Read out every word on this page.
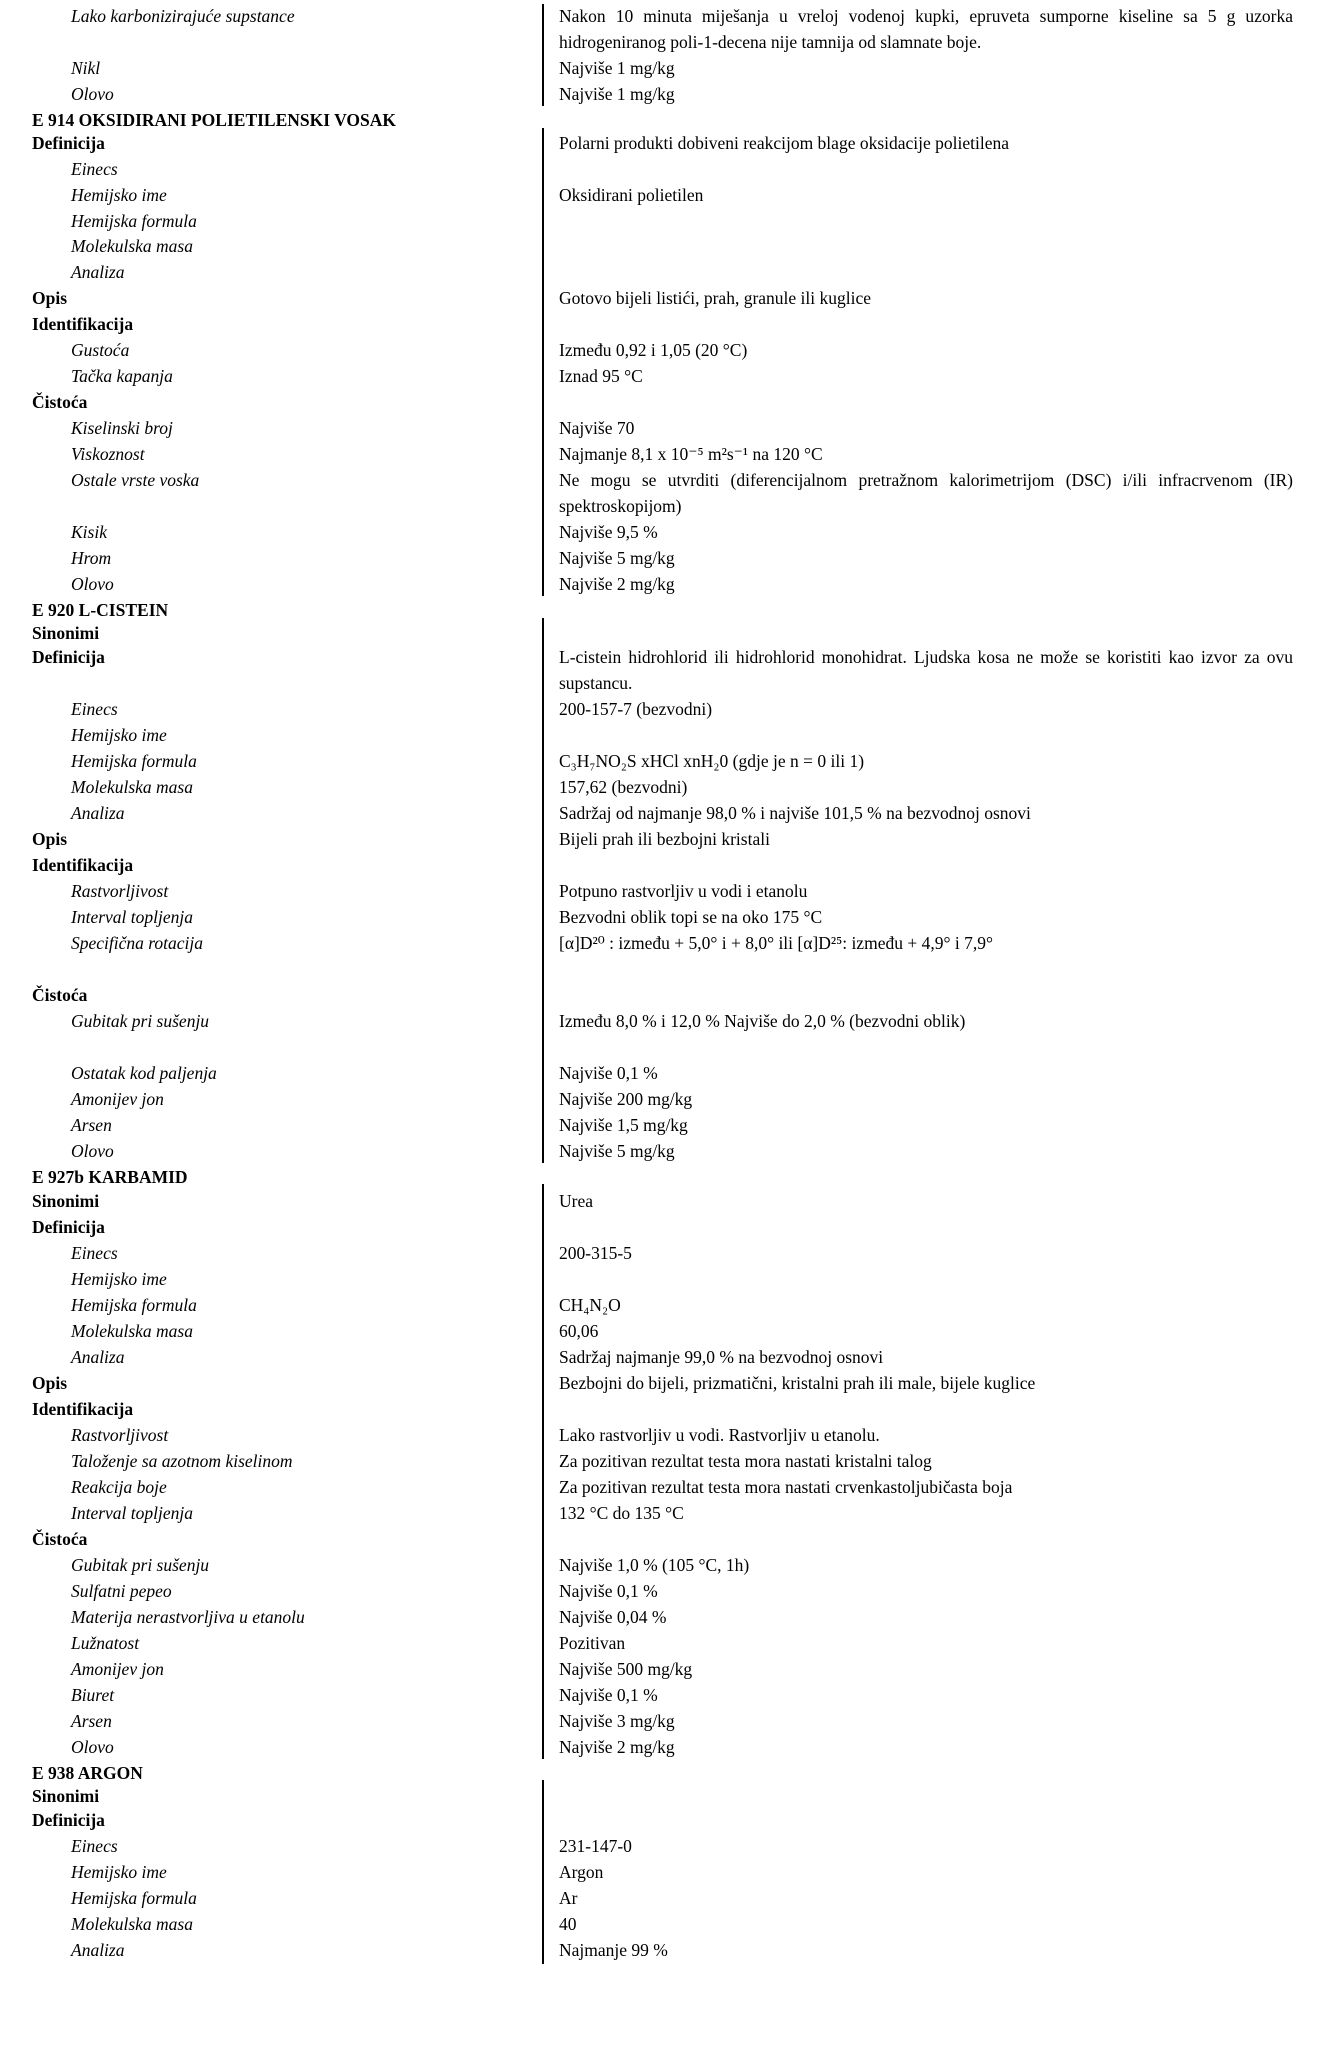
Lako karbonizirajuće supstance	Nakon 10 minuta miješanja u vreloj vodenoj kupki, epruveta sumporne kiseline sa 5 g uzorka hidrogeniranog poli-1-decena nije tamnija od slamnate boje.
Nikl	Najviše 1 mg/kg
Olovo	Najviše 1 mg/kg
E 914 OKSIDIRANI POLIETILENSKI VOSAK
Definicija	Polarni produkti dobiveni reakcijom blage oksidacije polietilena
Einecs
Hemijsko ime	Oksidirani polietilen
Hemijska formula
Molekulska masa
Analiza
Opis	Gotovo bijeli listići, prah, granule ili kuglice
Identifikacija
Gustoća	Između 0,92 i 1,05 (20 °C)
Tačka kapanja	Iznad 95 °C
Čistoća
Kiselinski broj	Najviše 70
Viskoznost	Najmanje 8,1 x 10⁻⁵ m²s⁻¹ na 120 °C
Ostale vrste voska	Ne mogu se utvrditi (diferencijalnom pretražnom kalorimetrijom (DSC) i/ili infracrvenom (IR) spektroskopijom)
Kisik	Najviše 9,5 %
Hrom	Najviše 5 mg/kg
Olovo	Najviše 2 mg/kg
E 920 L-CISTEIN
Sinonimi
Definicija	L-cistein hidrohlorid ili hidrohlorid monohidrat. Ljudska kosa ne može se koristiti kao izvor za ovu supstancu.
Einecs	200-157-7 (bezvodni)
Hemijsko ime
Hemijska formula	C₃H₇NO₂S xHCl xnH₂0 (gdje je n = 0 ili 1)
Molekulska masa	157,62 (bezvodni)
Analiza	Sadržaj od najmanje 98,0 % i najviše 101,5 % na bezvodnoj osnovi
Opis	Bijeli prah ili bezbojni kristali
Identifikacija
Rastvorljivost	Potpuno rastvorljiv u vodi i etanolu
Interval topljenja	Bezvodni oblik topi se na oko 175 °C
Specifična rotacija	[α]D²⁰ : između + 5,0° i + 8,0° ili [α]D²⁵: između + 4,9° i 7,9°
Čistoća
Gubitak pri sušenju	Između 8,0 % i 12,0 % Najviše do 2,0 % (bezvodni oblik)
Ostatak kod paljenja	Najviše 0,1 %
Amonijev jon	Najviše 200 mg/kg
Arsen	Najviše 1,5 mg/kg
Olovo	Najviše 5 mg/kg
E 927b KARBAMID
Sinonimi	Urea
Definicija
Einecs	200-315-5
Hemijsko ime
Hemijska formula	CH₄N₂O
Molekulska masa	60,06
Analiza	Sadržaj najmanje 99,0 % na bezvodnoj osnovi
Opis	Bezbojni do bijeli, prizmatični, kristalni prah ili male, bijele kuglice
Identifikacija
Rastvorljivost	Lako rastvorljiv u vodi. Rastvorljiv u etanolu.
Taloženje sa azotnom kiselinom	Za pozitivan rezultat testa mora nastati kristalni talog
Reakcija boje	Za pozitivan rezultat testa mora nastati crvenkastoljubičasta boja
Interval topljenja	132 °C do 135 °C
Čistoća
Gubitak pri sušenju	Najviše 1,0 % (105 °C, 1h)
Sulfatni pepeo	Najviše 0,1 %
Materija nerastvorljiva u etanolu	Najviše 0,04 %
Lužnatost	Pozitivan
Amonijev jon	Najviše 500 mg/kg
Biuret	Najviše 0,1 %
Arsen	Najviše 3 mg/kg
Olovo	Najviše 2 mg/kg
E 938 ARGON
Sinonimi
Definicija
Einecs	231-147-0
Hemijsko ime	Argon
Hemijska formula	Ar
Molekulska masa	40
Analiza	Najmanje 99 %
